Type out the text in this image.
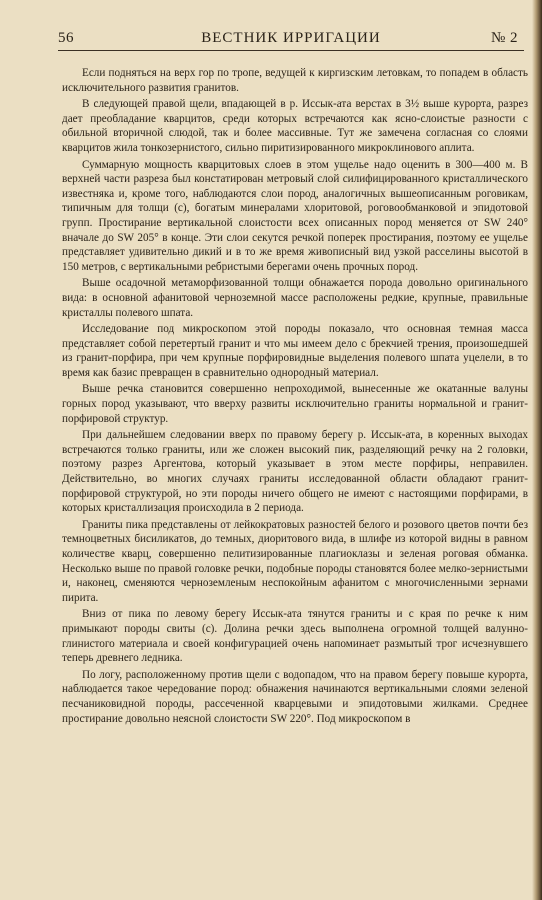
56	ВЕСТНИК ИРРИГАЦИИ	№ 2

Если подняться на верх гор по тропе, ведущей к киргизским летовкам, то попадем в область исключительного развития гранитов.

В следующей правой щели, впадающей в р. Иссык-ата верстах в 3½ выше курорта, разрез дает преобладание кварцитов, среди которых встречаются как ясно-слоистые разности с обильной вторичной слюдой, так и более массивные. Тут же замечена согласная со слоями кварцитов жила тонкозернистого, сильно пиритизированного микроклинового аплита.

Суммарную мощность кварцитовых слоев в этом ущелье надо оценить в 300—400 м. В верхней части разреза был констатирован метровый слой силифицированного кристаллического известняка и, кроме того, наблюдаются слои пород, аналогичных вышеописанным роговикам, типичным для толщи (с), богатым минералами хлоритовой, роговообманковой и эпидотовой групп. Простирание вертикальной слоистости всех описанных пород меняется от SW 240° вначале до SW 205° в конце. Эти слои секутся речкой поперек простирания, поэтому ее ущелье представляет удивительно дикий и в то же время живописный вид узкой расселины высотой в 150 метров, с вертикальными ребристыми берегами очень прочных пород.

Выше осадочной метаморфизованной толщи обнажается порода довольно оригинального вида: в основной афанитовой черноземной массе расположены редкие, крупные, правильные кристаллы полевого шпата.

Исследование под микроскопом этой породы показало, что основная темная масса представляет собой перетертый гранит и что мы имеем дело с брекчией трения, произошедшей из гранит-порфира, при чем крупные порфировидные выделения полевого шпата уцелели, в то время как базис превращен в сравнительно однородный материал.

Выше речка становится совершенно непроходимой, вынесенные же окатанные валуны горных пород указывают, что вверху развиты исключительно граниты нормальной и гранит-порфировой структур.

При дальнейшем следовании вверх по правому берегу р. Иссык-ата, в коренных выходах встречаются только граниты, или же сложен высокий пик, разделяющий речку на 2 головки, поэтому разрез Аргентова, который указывает в этом месте порфиры, неправилен. Действительно, во многих случаях граниты исследованной области обладают гранит-порфировой структурой, но эти породы ничего общего не имеют с настоящими порфирами, в которых кристаллизация происходила в 2 периода.

Граниты пика представлены от лейкократовых разностей белого и розового цветов почти без темноцветных бисиликатов, до темных, диоритового вида, в шлифе из которой видны в равном количестве кварц, совершенно пелитизированные плагиоклазы и зеленая роговая обманка. Несколько выше по правой головке речки, подобные породы становятся более мелко-зернистыми и, наконец, сменяются черноземленым неспокойным афанитом с многочисленными зернами пирита.

Вниз от пика по левому берегу Иссык-ата тянутся граниты и с края по речке к ним примыкают породы свиты (с). Долина речки здесь выполнена огромной толщей валунно-глинистого материала и своей конфигурацией очень напоминает размытый трог исчезнувшего теперь древнего ледника.

По логу, расположенному против щели с водопадом, что на правом берегу повыше курорта, наблюдается такое чередование пород: обнажения начинаются вертикальными слоями зеленой песчаниковидной породы, рассеченной кварцевыми и эпидотовыми жилками. Среднее простирание довольно неясной слоистости SW 220°. Под микроскопом в
